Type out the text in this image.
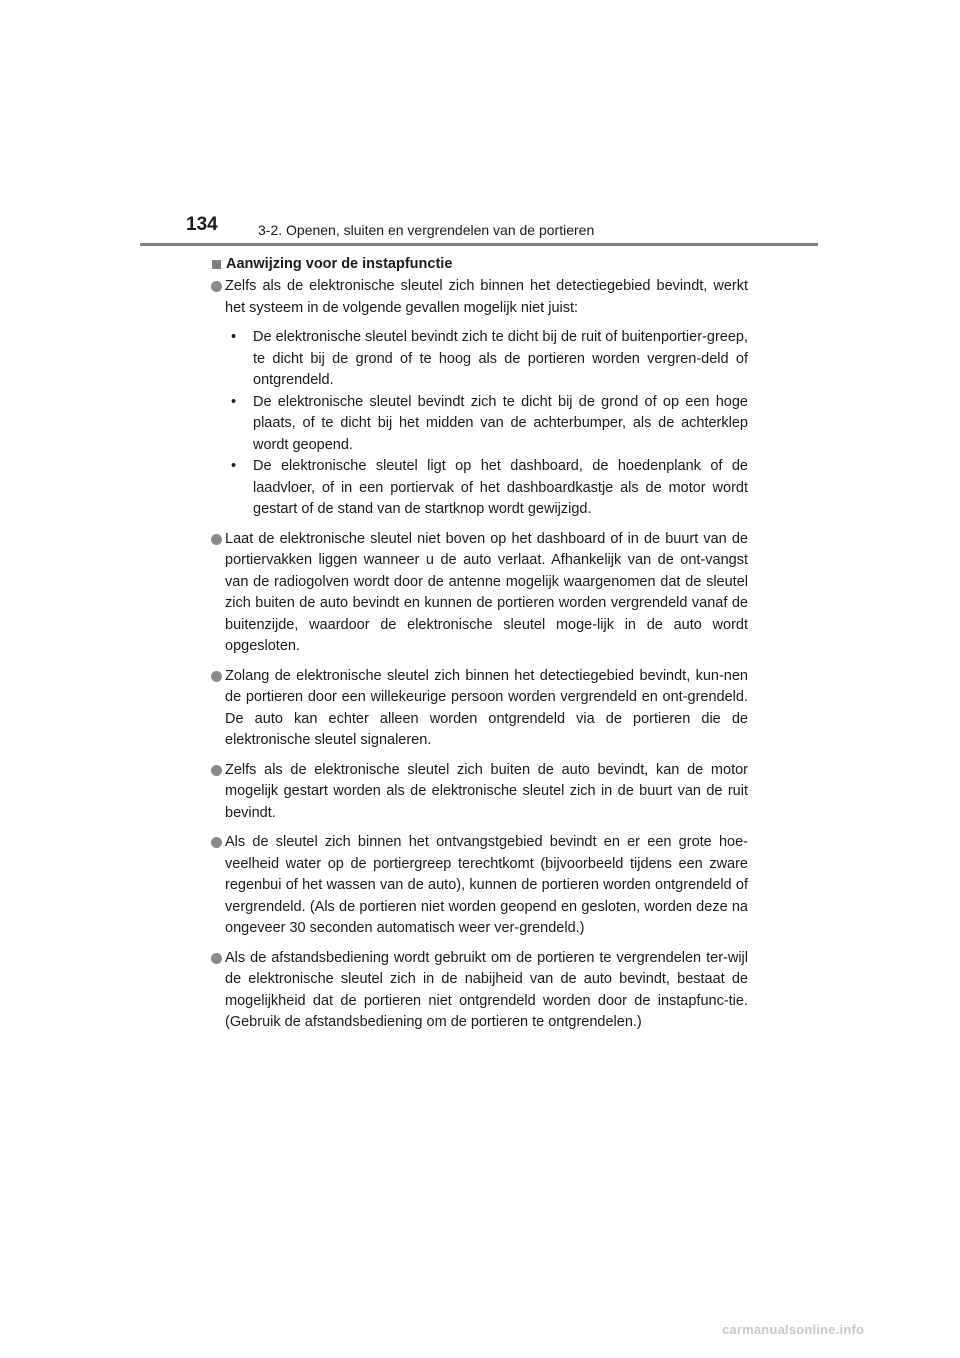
134	3-2. Openen, sluiten en vergrendelen van de portieren
Aanwijzing voor de instapfunctie
Zelfs als de elektronische sleutel zich binnen het detectiegebied bevindt, werkt het systeem in de volgende gevallen mogelijk niet juist:
• De elektronische sleutel bevindt zich te dicht bij de ruit of buitenportier-greep, te dicht bij de grond of te hoog als de portieren worden vergren-deld of ontgrendeld.
• De elektronische sleutel bevindt zich te dicht bij de grond of op een hoge plaats, of te dicht bij het midden van de achterbumper, als de achterklep wordt geopend.
• De elektronische sleutel ligt op het dashboard, de hoedenplank of de laadvloer, of in een portiervak of het dashboardkastje als de motor wordt gestart of de stand van de startknop wordt gewijzigd.
Laat de elektronische sleutel niet boven op het dashboard of in de buurt van de portiervakken liggen wanneer u de auto verlaat. Afhankelijk van de ont-vangst van de radiogolven wordt door de antenne mogelijk waargenomen dat de sleutel zich buiten de auto bevindt en kunnen de portieren worden vergrendeld vanaf de buitenzijde, waardoor de elektronische sleutel moge-lijk in de auto wordt opgesloten.
Zolang de elektronische sleutel zich binnen het detectiegebied bevindt, kun-nen de portieren door een willekeurige persoon worden vergrendeld en ont-grendeld. De auto kan echter alleen worden ontgrendeld via de portieren die de elektronische sleutel signaleren.
Zelfs als de elektronische sleutel zich buiten de auto bevindt, kan de motor mogelijk gestart worden als de elektronische sleutel zich in de buurt van de ruit bevindt.
Als de sleutel zich binnen het ontvangstgebied bevindt en er een grote hoe-veelheid water op de portiergreep terechtkomt (bijvoorbeeld tijdens een zware regenbui of het wassen van de auto), kunnen de portieren worden ontgrendeld of vergrendeld. (Als de portieren niet worden geopend en gesloten, worden deze na ongeveer 30 seconden automatisch weer ver-grendeld.)
Als de afstandsbediening wordt gebruikt om de portieren te vergrendelen ter-wijl de elektronische sleutel zich in de nabijheid van de auto bevindt, bestaat de mogelijkheid dat de portieren niet ontgrendeld worden door de instapfunc-tie. (Gebruik de afstandsbediening om de portieren te ontgrendelen.)
carmanualsonline.info
